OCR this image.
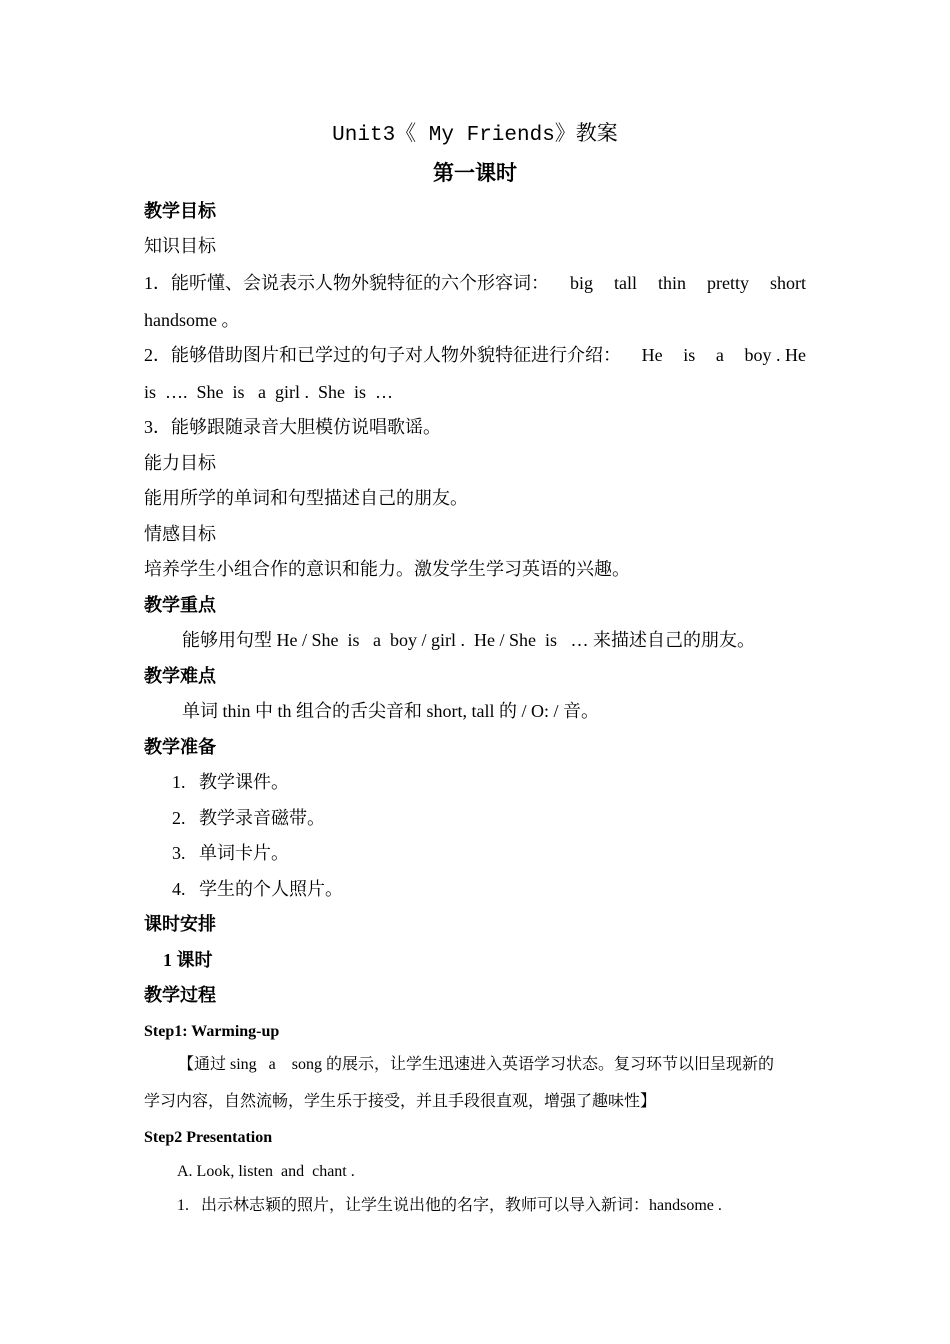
Unit3《 My Friends》教案
第一课时
教学目标
知识目标
1．能听懂、会说表示人物外貌特征的六个形容词： big tall thin pretty short
handsome 。
2．能够借助图片和已学过的句子对人物外貌特征进行介绍： He is a boy . He
is  ….  She  is   a  girl .  She  is  …
3．能够跟随录音大胆模仿说唱歌谣。
能力目标
能用所学的单词和句型描述自己的朋友。
情感目标
培养学生小组合作的意识和能力。激发学生学习英语的兴趣。
教学重点
能够用句型 He / She  is   a  boy / girl .  He / She  is   … 来描述自己的朋友。
教学难点
单词 thin 中 th 组合的舌尖音和 short, tall 的 / O: / 音。
教学准备
1.   教学课件。
2.   教学录音磁带。
3.   单词卡片。
4.   学生的个人照片。
课时安排
1 课时
教学过程
Step1: Warming-up
【通过 sing   a    song 的展示，让学生迅速进入英语学习状态。复习环节以旧呈现新的
学习内容，自然流畅，学生乐于接受，并且手段很直观，增强了趣味性】
Step2 Presentation
A. Look, listen  and  chant .
1.   出示林志颖的照片，让学生说出他的名字，教师可以导入新词：handsome .
